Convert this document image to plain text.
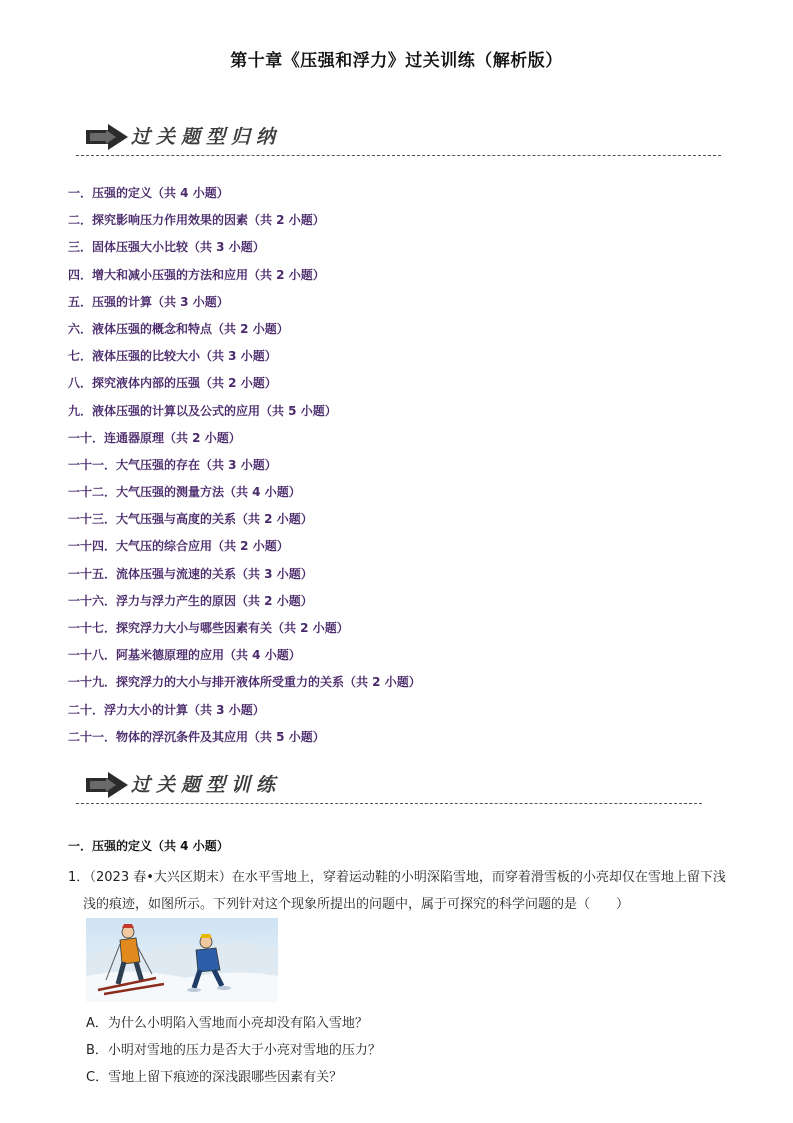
第十章《压强和浮力》过关训练（解析版）
过关题型归纳
一．压强的定义（共 4 小题）
二．探究影响压力作用效果的因素（共 2 小题）
三．固体压强大小比较（共 3 小题）
四．增大和减小压强的方法和应用（共 2 小题）
五．压强的计算（共 3 小题）
六．液体压强的概念和特点（共 2 小题）
七．液体压强的比较大小（共 3 小题）
八．探究液体内部的压强（共 2 小题）
九．液体压强的计算以及公式的应用（共 5 小题）
一十．连通器原理（共 2 小题）
一十一．大气压强的存在（共 3 小题）
一十二．大气压强的测量方法（共 4 小题）
一十三．大气压强与高度的关系（共 2 小题）
一十四．大气压的综合应用（共 2 小题）
一十五．流体压强与流速的关系（共 3 小题）
一十六．浮力与浮力产生的原因（共 2 小题）
一十七．探究浮力大小与哪些因素有关（共 2 小题）
一十八．阿基米德原理的应用（共 4 小题）
一十九．探究浮力的大小与排开液体所受重力的关系（共 2 小题）
二十．浮力大小的计算（共 3 小题）
二十一．物体的浮沉条件及其应用（共 5 小题）
过关题型训练
一．压强的定义（共 4 小题）
1．
（2023 春•大兴区期末）在水平雪地上，穿着运动鞋的小明深陷雪地，而穿着滑雪板的小亮却仅在雪地上留下浅浅的痕迹，如图所示。下列针对这个现象所提出的问题中，属于可探究的科学问题的是（　　）
A．为什么小明陷入雪地而小亮却没有陷入雪地？
B．小明对雪地的压力是否大于小亮对雪地的压力？
C．雪地上留下痕迹的深浅跟哪些因素有关？
